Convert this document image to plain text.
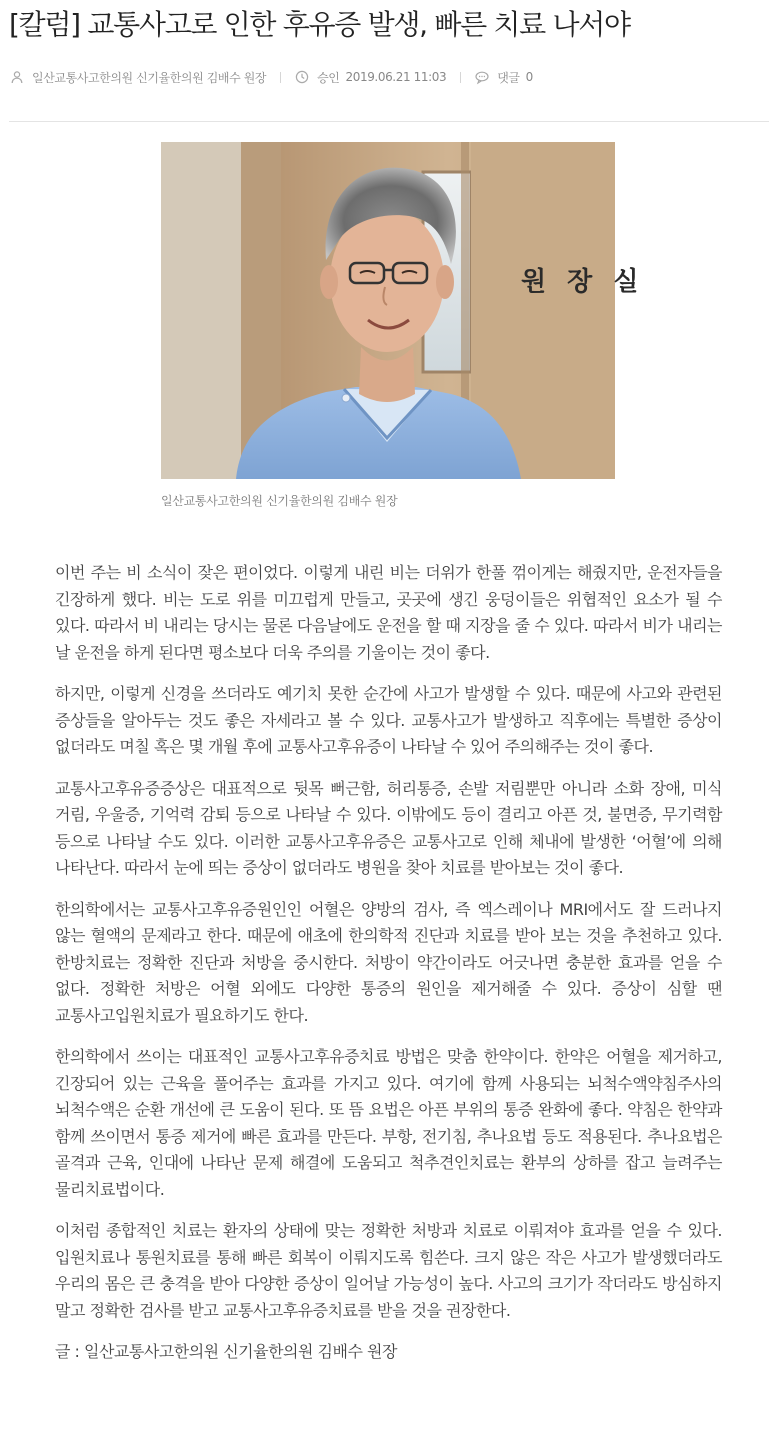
[칼럼] 교통사고로 인한 후유증 발생, 빠른 치료 나서야
일산교통사고한의원 신기율한의원 김배수 원장	승인 2019.06.21 11:03	댓글 0
원 장 실
일산교통사고한의원 신기율한의원 김배수 원장

이번 주는 비 소식이 잦은 편이었다. 이렇게 내린 비는 더위가 한풀 꺾이게는 해줬지만, 운전자들을 긴장하게 했다. 비는 도로 위를 미끄럽게 만들고, 곳곳에 생긴 웅덩이들은 위협적인 요소가 될 수 있다. 따라서 비 내리는 당시는 물론 다음날에도 운전을 할 때 지장을 줄 수 있다. 따라서 비가 내리는 날 운전을 하게 된다면 평소보다 더욱 주의를 기울이는 것이 좋다.

하지만, 이렇게 신경을 쓰더라도 예기치 못한 순간에 사고가 발생할 수 있다. 때문에 사고와 관련된 증상들을 알아두는 것도 좋은 자세라고 볼 수 있다. 교통사고가 발생하고 직후에는 특별한 증상이 없더라도 며칠 혹은 몇 개월 후에 교통사고후유증이 나타날 수 있어 주의해주는 것이 좋다.

교통사고후유증증상은 대표적으로 뒷목 뻐근함, 허리통증, 손발 저림뿐만 아니라 소화 장애, 미식 거림, 우울증, 기억력 감퇴 등으로 나타날 수 있다. 이밖에도 등이 결리고 아픈 것, 불면증, 무기력함 등으로 나타날 수도 있다. 이러한 교통사고후유증은 교통사고로 인해 체내에 발생한 ‘어혈’에 의해 나타난다. 따라서 눈에 띄는 증상이 없더라도 병원을 찾아 치료를 받아보는 것이 좋다.

한의학에서는 교통사고후유증원인인 어혈은 양방의 검사, 즉 엑스레이나 MRI에서도 잘 드러나지 않는 혈액의 문제라고 한다. 때문에 애초에 한의학적 진단과 치료를 받아 보는 것을 추천하고 있다. 한방치료는 정확한 진단과 처방을 중시한다. 처방이 약간이라도 어긋나면 충분한 효과를 얻을 수 없다. 정확한 처방은 어혈 외에도 다양한 통증의 원인을 제거해줄 수 있다. 증상이 심할 땐 교통사고입원치료가 필요하기도 한다.

한의학에서 쓰이는 대표적인 교통사고후유증치료 방법은 맞춤 한약이다. 한약은 어혈을 제거하고, 긴장되어 있는 근육을 풀어주는 효과를 가지고 있다. 여기에 함께 사용되는 뇌척수액약침주사의 뇌척수액은 순환 개선에 큰 도움이 된다. 또 뜸 요법은 아픈 부위의 통증 완화에 좋다. 약침은 한약과 함께 쓰이면서 통증 제거에 빠른 효과를 만든다. 부항, 전기침, 추나요법 등도 적용된다. 추나요법은 골격과 근육, 인대에 나타난 문제 해결에 도움되고 척추견인치료는 환부의 상하를 잡고 늘려주는 물리치료법이다.

이처럼 종합적인 치료는 환자의 상태에 맞는 정확한 처방과 치료로 이뤄져야 효과를 얻을 수 있다. 입원치료나 통원치료를 통해 빠른 회복이 이뤄지도록 힘쓴다. 크지 않은 작은 사고가 발생했더라도 우리의 몸은 큰 충격을 받아 다양한 증상이 일어날 가능성이 높다. 사고의 크기가 작더라도 방심하지 말고 정확한 검사를 받고 교통사고후유증치료를 받을 것을 권장한다.

글 : 일산교통사고한의원 신기율한의원 김배수 원장
